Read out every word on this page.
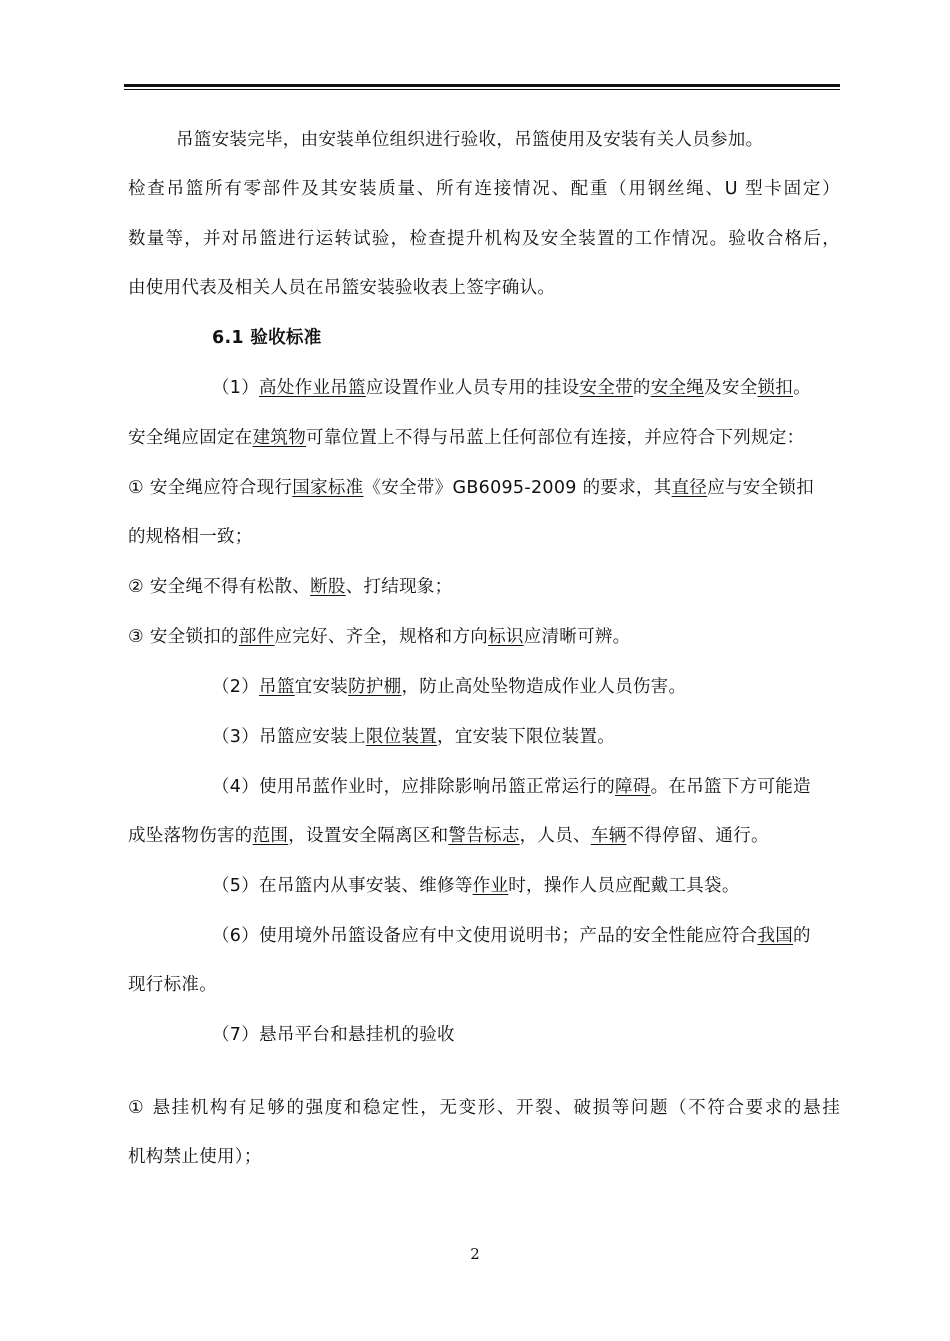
吊篮安装完毕，由安装单位组织进行验收，吊篮使用及安装有关人员参加。
检查吊篮所有零部件及其安装质量、所有连接情况、配重（用钢丝绳、U 型卡固定）
数量等，并对吊篮进行运转试验，检查提升机构及安全装置的工作情况。验收合格后，
由使用代表及相关人员在吊篮安装验收表上签字确认。
6.1 验收标准
（1）高处作业吊篮应设置作业人员专用的挂设安全带的安全绳及安全锁扣。
安全绳应固定在建筑物可靠位置上不得与吊蓝上任何部位有连接，并应符合下列规定：
① 安全绳应符合现行国家标准《安全带》GB6095-2009 的要求，其直径应与安全锁扣
的规格相一致；
② 安全绳不得有松散、断股、打结现象；
③ 安全锁扣的部件应完好、齐全，规格和方向标识应清晰可辨。
（2）吊篮宜安装防护棚，防止高处坠物造成作业人员伤害。
（3）吊篮应安装上限位装置，宜安装下限位装置。
（4）使用吊蓝作业时，应排除影响吊篮正常运行的障碍。在吊篮下方可能造
成坠落物伤害的范围，设置安全隔离区和警告标志，人员、车辆不得停留、通行。
（5）在吊篮内从事安装、维修等作业时，操作人员应配戴工具袋。
（6）使用境外吊篮设备应有中文使用说明书；产品的安全性能应符合我国的
现行标准。
（7）悬吊平台和悬挂机的验收
① 悬挂机构有足够的强度和稳定性，无变形、开裂、破损等问题（不符合要求的悬挂
机构禁止使用）；
2
